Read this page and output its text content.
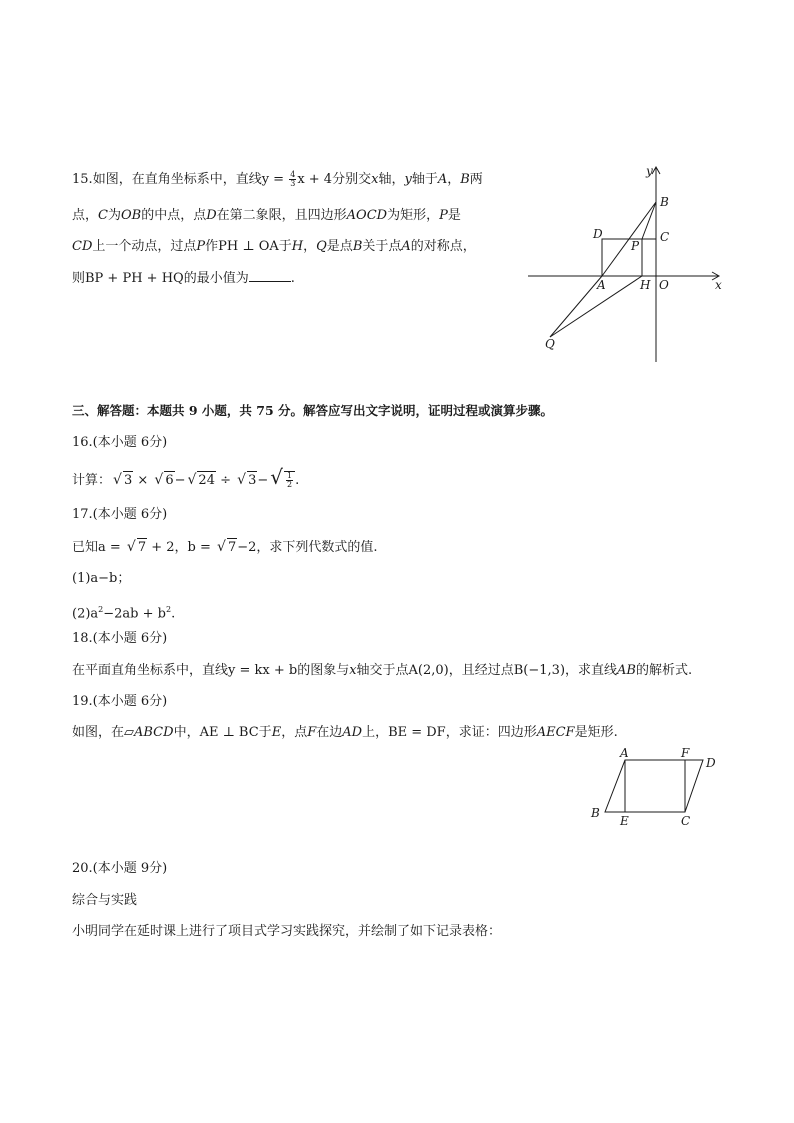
15.如图，在直角坐标系中，直线$y = \frac{4}{3}$ x + 4分别交x轴，y轴于A，B两
点，C为OB的中点，点D在第二象限，且四边形AOCD为矩形，P是
CD上一个动点，过点P作PH ⊥ OA于H，Q是点B关于点A的对称点，
则BP + PH + HQ的最小值为	.
y
B
D	C
P
A	H O	x
Q
三、解答题：本题共 9 小题，共 75 分。解答应写出文字说明，证明过程或演算步骤。
16.(本小题 6分)
计算： √ 3 × √ 6− √ 24 ÷ √ 3− √ $\frac{1}{2}$ .
17.(本小题 6分)
已知a = √ 7 + 2，b = √ 7−2，求下列代数式的值.
(1)a−b；
$(2)a^2-2ab + b^2$.
18.(本小题 6分)
在平面直角坐标系中，直线y = kx + b的图象与x轴交于点A(2,0)，且经过点B(−1,3)，求直线AB的解析式.
19.(本小题 6分)
如图，在▱ABCD中，AE ⊥ BC于E，点F在边AD上，BE = DF，求证：四边形AECF是矩形.
A	F
D
B
E	C
20.(本小题 9分)
综合与实践
小明同学在延时课上进行了项目式学习实践探究，并绘制了如下记录表格：
